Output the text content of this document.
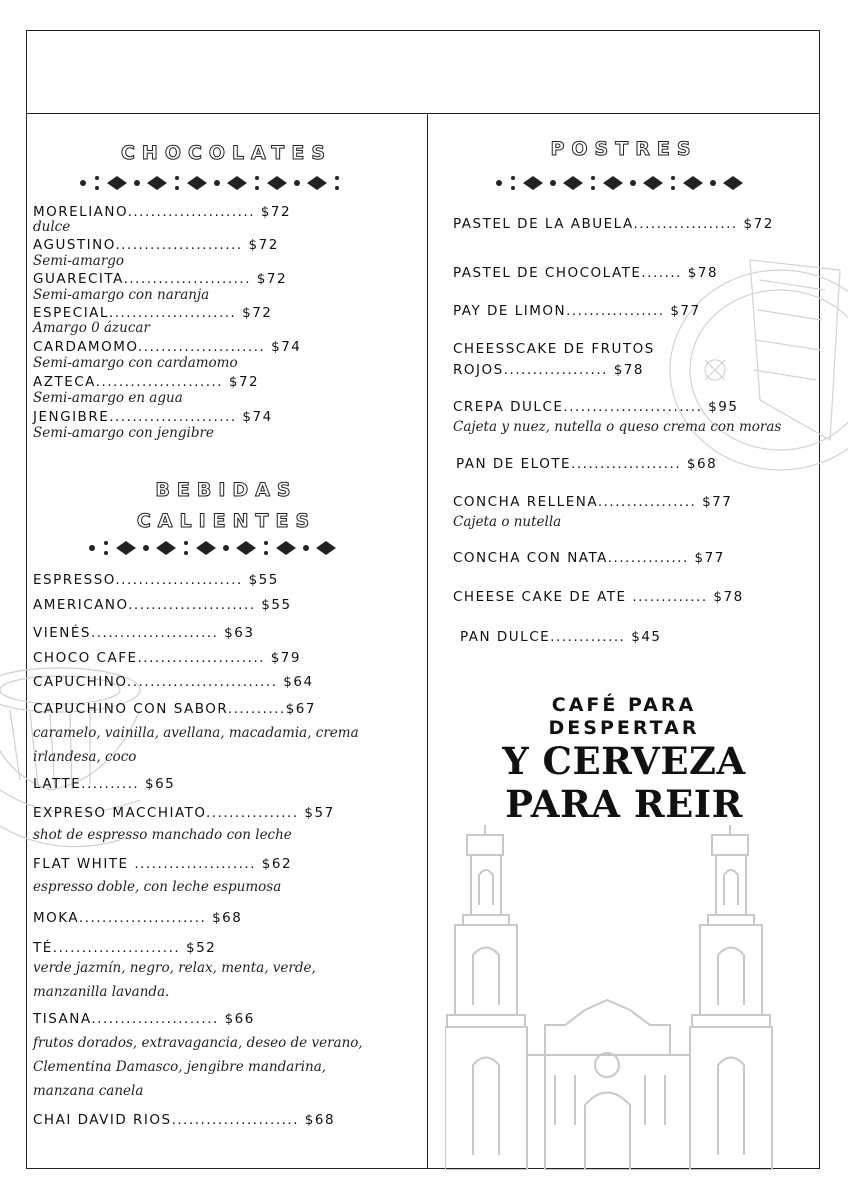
CHOCOLATES
MORELIANO...................... $72
dulce
AGUSTINO...................... $72
Semi-amargo
GUARECITA...................... $72
Semi-amargo con naranja
ESPECIAL...................... $72
Amargo 0 ázucar
CARDAMOMO...................... $74
Semi-amargo con cardamomo
AZTECA...................... $72
Semi-amargo en agua
JENGIBRE...................... $74
Semi-amargo con jengibre
BEBIDAS
CALIENTES
ESPRESSO...................... $55
AMERICANO...................... $55
VIENÉS...................... $63
CHOCO CAFE...................... $79
CAPUCHINO.......................... $64
CAPUCHINO CON SABOR..........$67
caramelo, vainilla, avellana, macadamia, crema
irlandesa, coco
LATTE.......... $65
EXPRESO MACCHIATO................ $57
shot de espresso manchado con leche
FLAT WHITE ..................... $62
espresso doble, con leche espumosa
MOKA...................... $68
TÉ...................... $52
verde jazmín, negro, relax, menta, verde,
manzanilla lavanda.
TISANA...................... $66
frutos dorados, extravagancia, deseo de verano,
Clementina Damasco, jengibre mandarina,
manzana canela
CHAI DAVID RIOS...................... $68
POSTRES
PASTEL DE LA ABUELA.................. $72
PASTEL DE CHOCOLATE....... $78
PAY DE LIMON................. $77
CHEESSCAKE DE FRUTOS
ROJOS.................. $78
CREPA DULCE........................ $95
Cajeta y nuez, nutella o queso crema con moras
PAN DE ELOTE................... $68
CONCHA RELLENA................. $77
Cajeta o nutella
CONCHA CON NATA.............. $77
CHEESE CAKE DE ATE ............. $78
PAN DULCE............. $45
CAFÉ PARA
DESPERTAR
Y CERVEZA
PARA REIR
